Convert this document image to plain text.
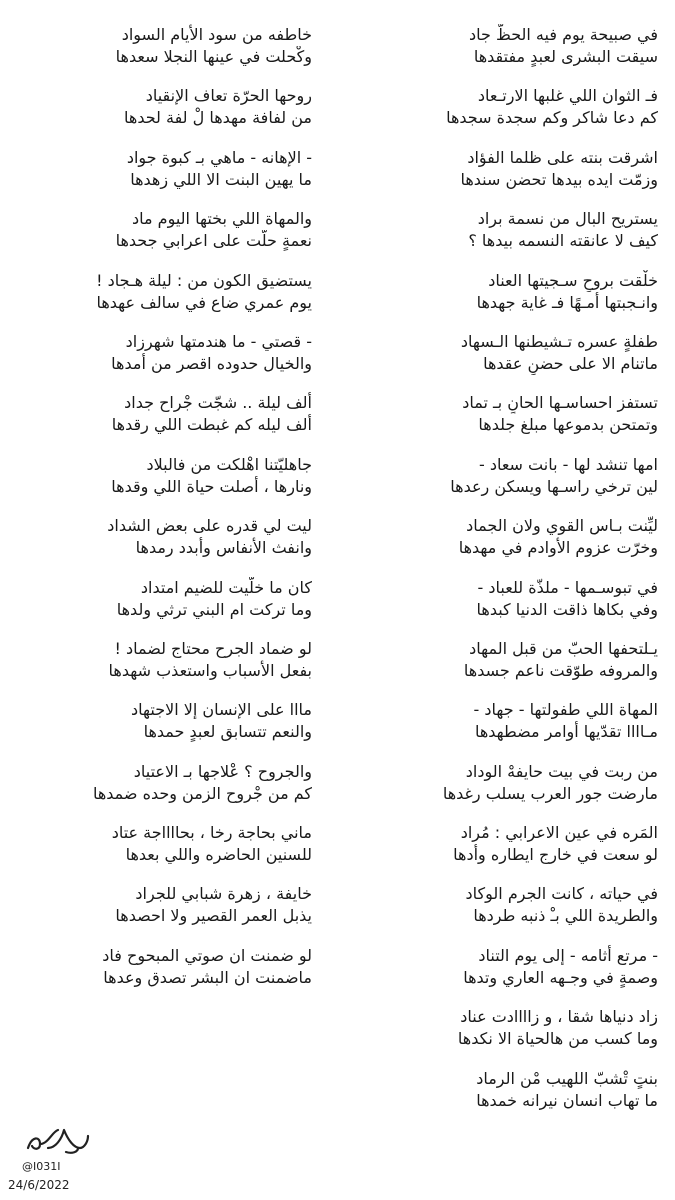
في صبيحة يوم فيه الحظّ جاد
سيقت البشرى لعبدٍ مفتقدها
فـ الثوان اللي غلبها الارتـعاد
كم دعا شاكر وكم سجدة سجدها
اشرقت بنته على ظلما الفؤاد
وزمّت ايده بيدها تحضن سندها
يستريح البال من نسمة براد
كيف لا عانقته النسمه بيدها ؟
خلْقت بروحٍ سـجيتها العناد
وانـجبتها أمـهًا فـ غاية جهدها
طفلةٍ عسره تـشيطنها الـسهاد
ماتنام الا على حضنٍ عقدها
تستفز احساسـها الحانٍ بـ تماد
وتمتحن بدموعها مبلغ جلدها
امها تنشد لها - بانت سعاد -
لين ترخي راسـها ويسكن رعدها
ليِّنت بـاس القوي ولان الجماد
وخرّت عزوم الأوادم في مهدها
في تبوسـمها - ملذّة للعباد -
وفي بكاها ذاقت الدنيا كبدها
يـلتحفها الحبّ من قبل المهاد
والمروفه طوّقت ناعم جسدها
المهاة اللي طفولتها - جهاد -
مـاااا تقدّيها أوامر مضطهدها
من ربت في بيت حايفهْ الوداد
مارضت جور العرب يسلب رغدها
المَره في عين الاعرابي : مُراد
لو سعت في خارج ايطاره وأدها
في حياته ، كانت الجرم الوكاد
والطريدة اللي بـْ ذنبه طردها
- مرتع أثامه - إلى يوم التناد
وصمةٍ في وجـهه العاري وتدها
زاد دنياها شقا ، و زاااادت عناد
وما كسب من هالحياة الا نكدها
بنتٍ تْشبّ اللهيب مْن الرماد
ما تهاب انسان نيرانه خمدها
خاطفه من سود الأيام السواد
وكْحلت في عينها النجلا سعدها
روحها الحرّة تعاف الإنقياد
من لفافة مهدها لْ لفة لحدها
- الإهانه - ماهي بـ كبوة جواد
ما يهين البنت الا اللي زهدها
والمهاة اللي بختها اليوم ماد
نعمةٍ حلّت على اعرابي جحدها
يستضيق الكون من : ليلة هـجاد !
يوم عمري ضاع في سالف عهدها
- قصتي - ما هندمتها شهرزاد
والخيال حدوده اقصر من أمدها
ألف ليلة .. شجّت جْراح جداد
ألف ليله كم غبطت اللي رقدها
جاهليّتنا اهْلكت من فالبلاد
ونارها ، أصلت حياة اللي وقدها
ليت لي قدره على بعض الشداد
وانفث الأنفاس وأبدد رمدها
كان ما خلّيت للضيم امتداد
وما تركت ام البني ترثي ولدها
لو ضماد الجرح محتاج لضماد !
بفعل الأسباب واستعذب شهدها
مااا على الإنسان إلا الاجتهاد
والنعم تتسابق لعبدٍ حمدها
والجروح ؟ عْلاجها بـ الاعتياد
كم من جْروح الزمن وحده ضمدها
ماني بحاجة رخا ، بحااااجة عتاد
للسنين الحاضره واللي بعدها
خايفة ، زهرة شبابي للجراد
يذبل العمر القصير ولا احصدها
لو ضمنت ان صوتي المبحوح فاد
ماضمنت ان البشر تصدق وعدها
@I031I
24/6/2022
